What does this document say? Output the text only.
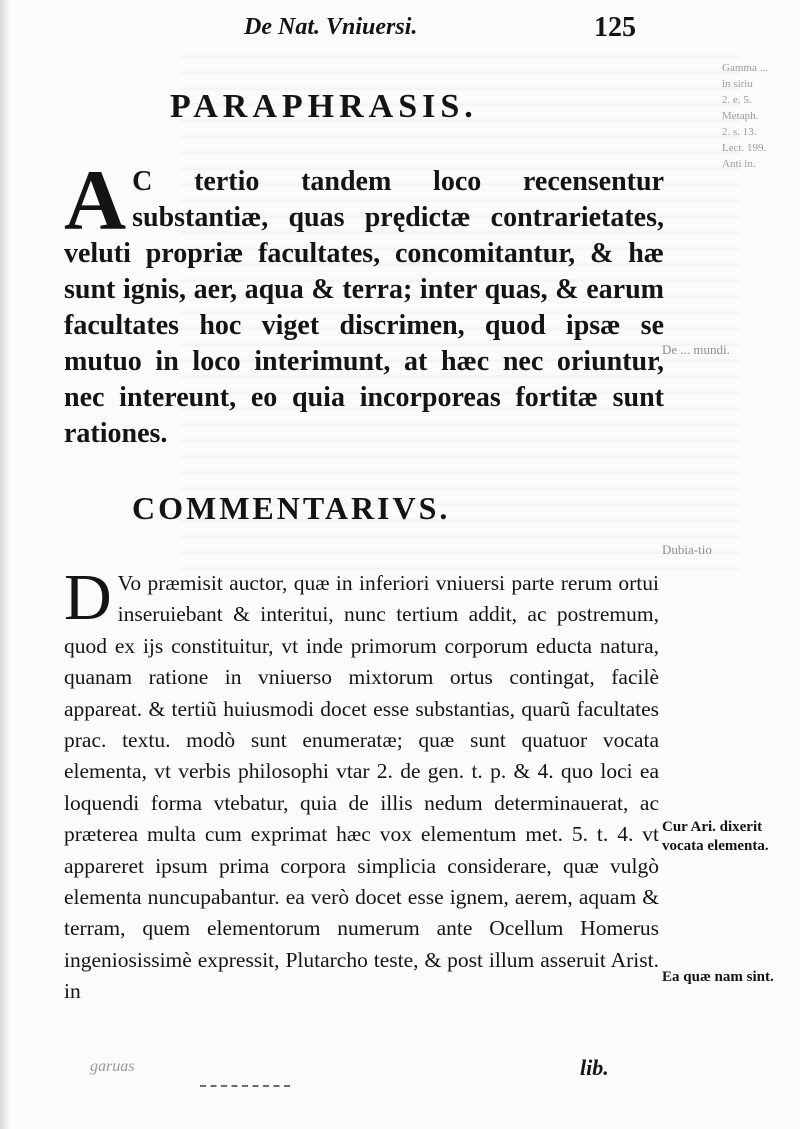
De Nat. Vniuersi.	125
Gamma ...
in siriu
2. e. 5.
Metaph.
2. s. 13.
Lect. 199.
Anti in.
PARAPHRASIS.
A C tertio tandem loco recensentur substantiæ, quas prędictæ contrarietates, veluti propriæ facultates, concomitantur, & hæ sunt ignis, aer, aqua & terra; inter quas, & earum facultates hoc viget discrimen, quod ipsæ se mutuo in loco interimunt, at hæc nec oriuntur, nec intereunt, eo quia incorporeas fortitæ sunt rationes.
De ... mundi.
COMMENTARIVS.
Dubia-tio
D Vo præmisit auctor, quæ in inferiori vniuersi parte rerum ortui inseruiebant & interitui, nunc tertium addit, ac postremum, quod ex ijs constituitur, vt inde primorum corporum educta natura, quanam ratione in vniuerso mixtorum ortus contingat, facilè appareat. & tertiũ huiusmodi docet esse substantias, quarũ facultates prac. textu. modò sunt enumeratæ; quæ sunt quatuor vocata elementa, vt verbis philosophi vtar 2. de gen. t. p. & 4. quo loci ea loquendi forma vtebatur, quia de illis nedum determinauerat, ac præterea multa cum exprimat hæc vox elementum met. 5. t. 4. vt appareret ipsum prima corpora simplicia considerare, quæ vulgò elementa nuncupabantur. ea verò docet esse ignem, aerem, aquam & terram, quem elementorum numerum ante Ocellum Homerus ingeniosissimè expressit, Plutarcho teste, & post illum asseruit Arist. in
Cur Ari. dixerit vocata elementa.
Ea quæ nam sint.
garuas	lib.
